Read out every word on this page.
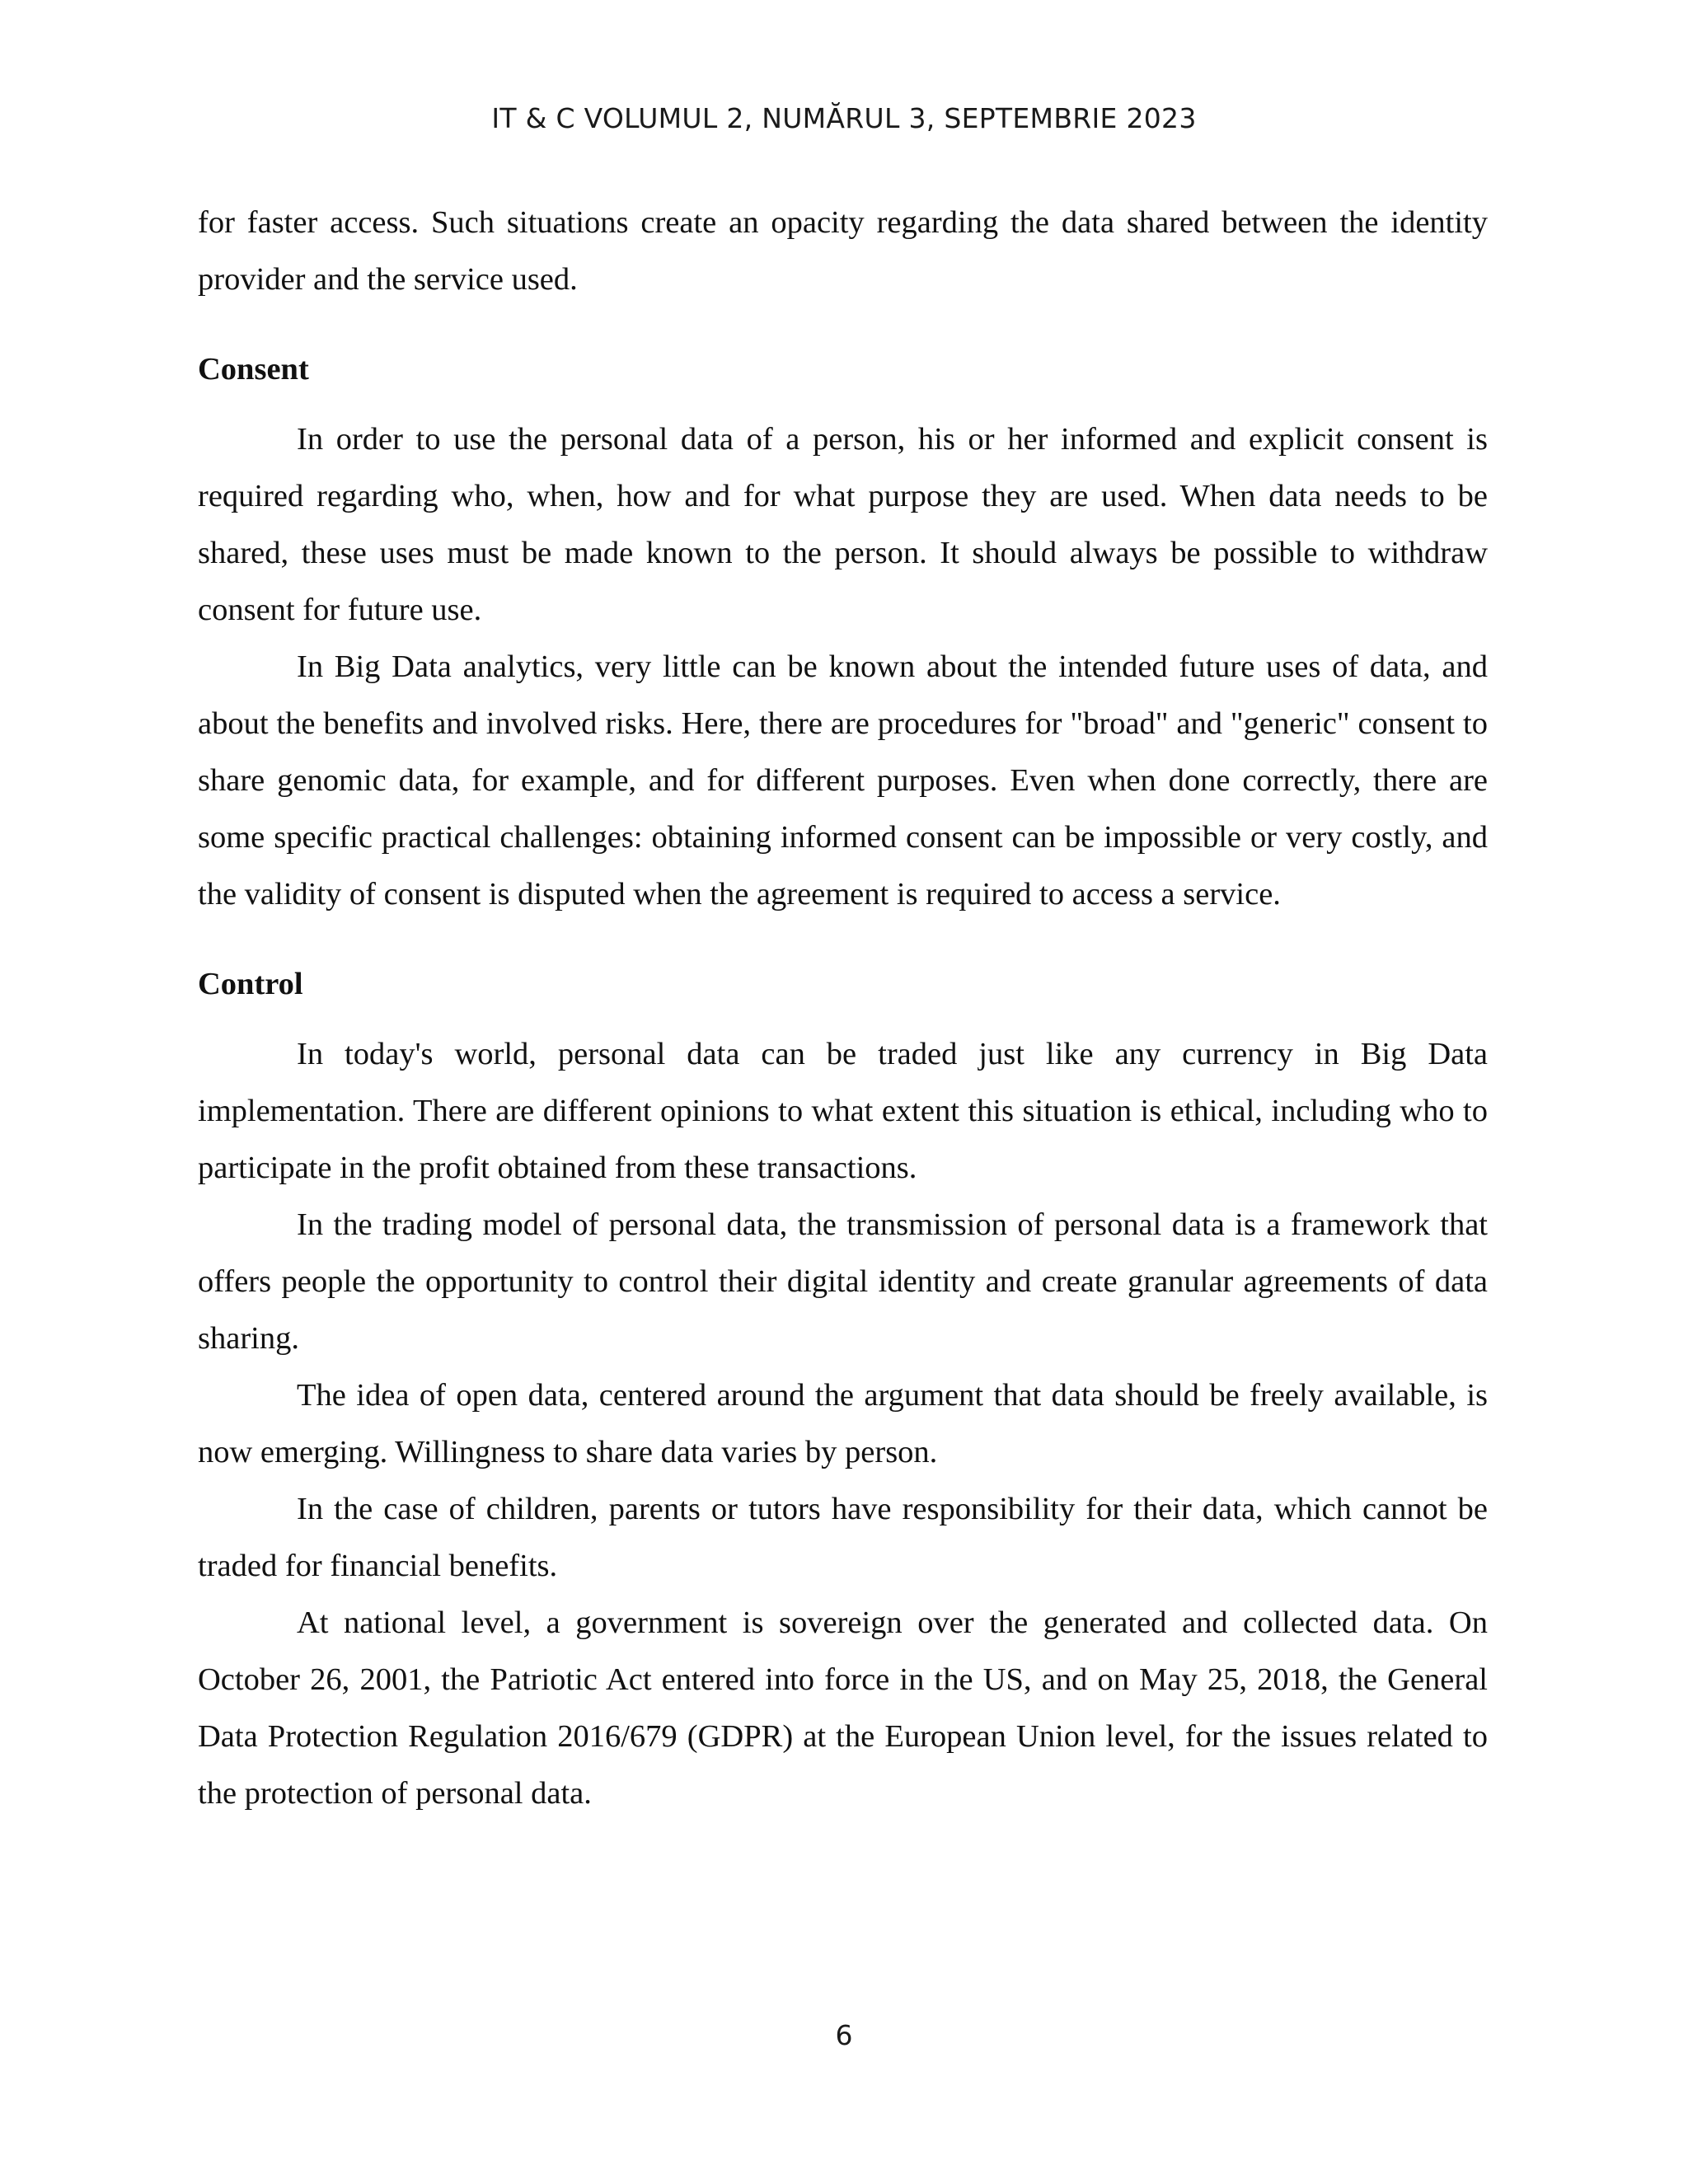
IT & C VOLUMUL 2, NUMĂRUL 3, SEPTEMBRIE 2023

for faster access. Such situations create an opacity regarding the data shared between the identity provider and the service used.

Consent

In order to use the personal data of a person, his or her informed and explicit consent is required regarding who, when, how and for what purpose they are used. When data needs to be shared, these uses must be made known to the person. It should always be possible to withdraw consent for future use.

In Big Data analytics, very little can be known about the intended future uses of data, and about the benefits and involved risks. Here, there are procedures for "broad" and "generic" consent to share genomic data, for example, and for different purposes. Even when done correctly, there are some specific practical challenges: obtaining informed consent can be impossible or very costly, and the validity of consent is disputed when the agreement is required to access a service.

Control

In today's world, personal data can be traded just like any currency in Big Data implementation. There are different opinions to what extent this situation is ethical, including who to participate in the profit obtained from these transactions.

In the trading model of personal data, the transmission of personal data is a framework that offers people the opportunity to control their digital identity and create granular agreements of data sharing.

The idea of open data, centered around the argument that data should be freely available, is now emerging. Willingness to share data varies by person.

In the case of children, parents or tutors have responsibility for their data, which cannot be traded for financial benefits.

At national level, a government is sovereign over the generated and collected data. On October 26, 2001, the Patriotic Act entered into force in the US, and on May 25, 2018, the General Data Protection Regulation 2016/679 (GDPR) at the European Union level, for the issues related to the protection of personal data.

6
